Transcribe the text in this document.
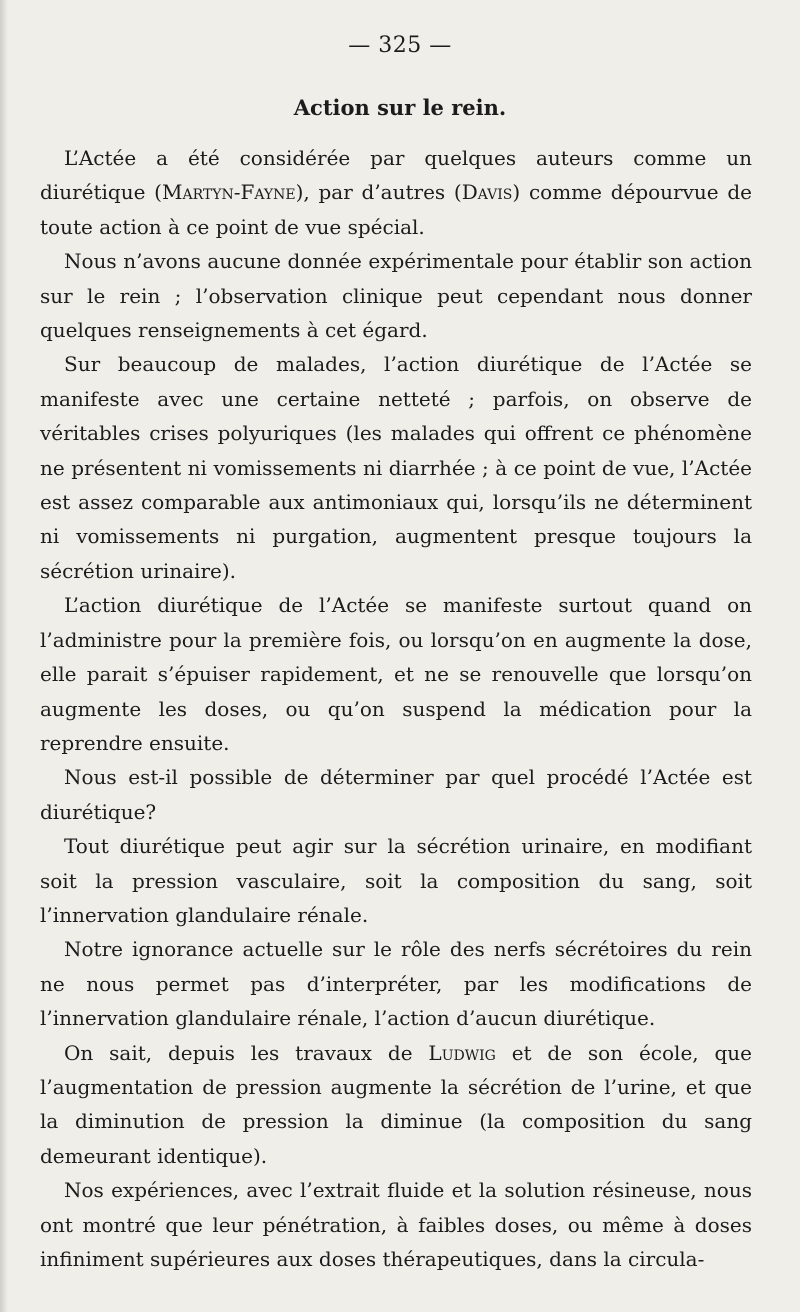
— 325 —
Action sur le rein.

L’Actée a été considérée par quelques auteurs comme un diurétique (Martyn-Fayne), par d’autres (Davis) comme dépourvue de toute action à ce point de vue spécial.

Nous n’avons aucune donnée expérimentale pour établir son action sur le rein ; l’observation clinique peut cependant nous donner quelques renseignements à cet égard.

Sur beaucoup de malades, l’action diurétique de l’Actée se manifeste avec une certaine netteté ; parfois, on observe de véritables crises polyuriques (les malades qui offrent ce phénomène ne présentent ni vomissements ni diarrhée ; à ce point de vue, l’Actée est assez comparable aux antimoniaux qui, lorsqu’ils ne déterminent ni vomissements ni purgation, augmentent presque toujours la sécrétion urinaire).

L’action diurétique de l’Actée se manifeste surtout quand on l’administre pour la première fois, ou lorsqu’on en augmente la dose, elle parait s’épuiser rapidement, et ne se renouvelle que lorsqu’on augmente les doses, ou qu’on suspend la médication pour la reprendre ensuite.

Nous est-il possible de déterminer par quel procédé l’Actée est diurétique?

Tout diurétique peut agir sur la sécrétion urinaire, en modifiant soit la pression vasculaire, soit la composition du sang, soit l’innervation glandulaire rénale.

Notre ignorance actuelle sur le rôle des nerfs sécrétoires du rein ne nous permet pas d’interpréter, par les modifications de l’innervation glandulaire rénale, l’action d’aucun diurétique.

On sait, depuis les travaux de Ludwig et de son école, que l’augmentation de pression augmente la sécrétion de l’urine, et que la diminution de pression la diminue (la composition du sang demeurant identique).

Nos expériences, avec l’extrait fluide et la solution résineuse, nous ont montré que leur pénétration, à faibles doses, ou même à doses infiniment supérieures aux doses thérapeutiques, dans la circula-
